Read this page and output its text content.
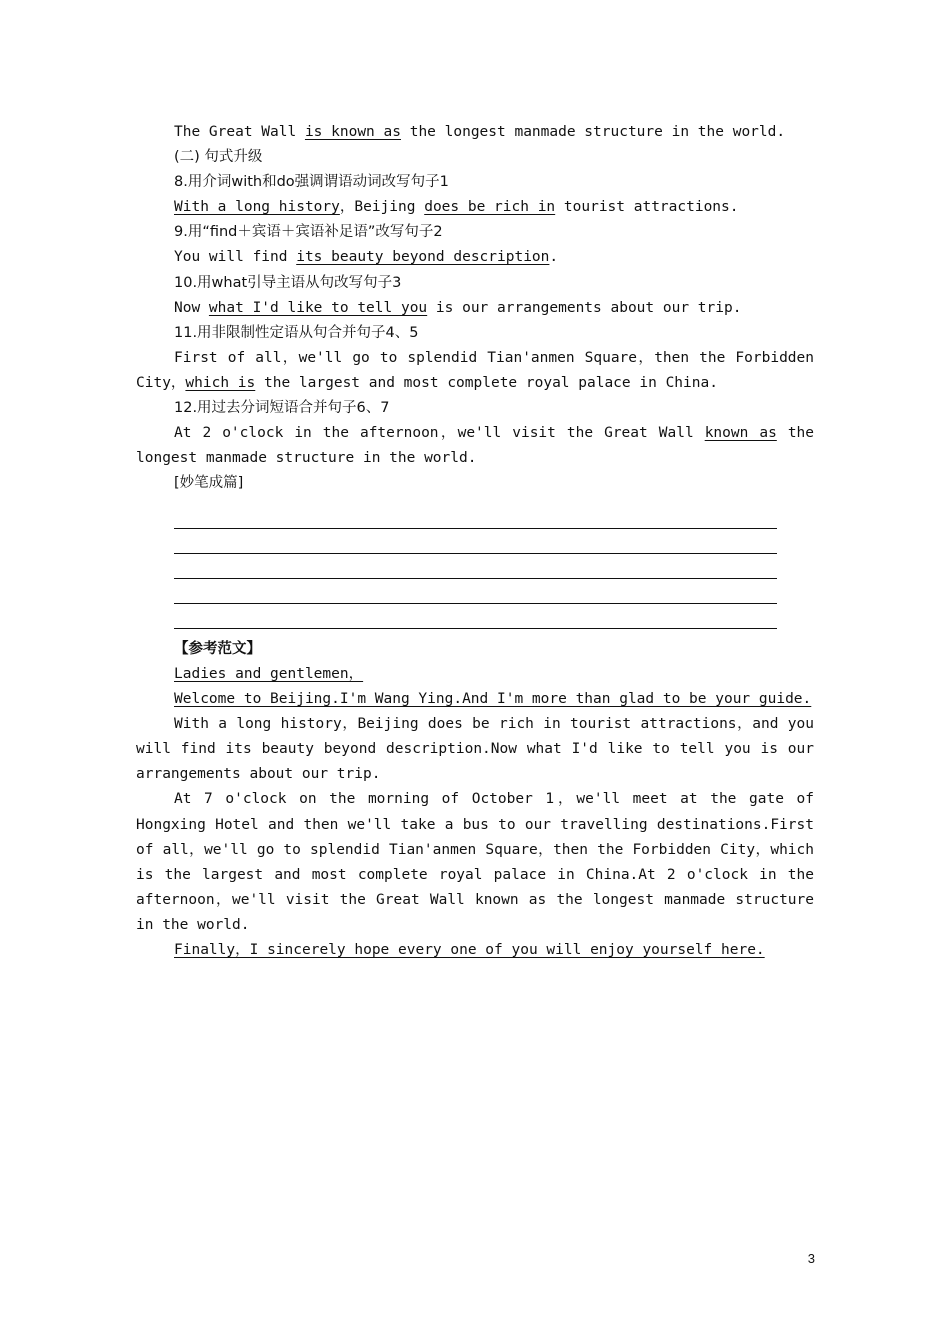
The Great Wall is known as the longest manmade structure in the world.

(二) 句式升级

8.用介词with和do强调谓语动词改写句子1

With a long history，Beijing does be rich in tourist attractions.

9.用“find＋宾语＋宾语补足语”改写句子2

You will find its beauty beyond description.

10.用what引导主语从句改写句子3

Now what I'd like to tell you is our arrangements about our trip.

11.用非限制性定语从句合并句子4、5

First of all，we'll go to splendid Tian'anmen Square，then the Forbidden

City，which is the largest and most complete royal palace in China.

12.用过去分词短语合并句子6、7

At 2 o'clock in the afternoon，we'll visit the Great Wall known as the

longest manmade structure in the world.

[妙笔成篇]

【参考范文】

Ladies and gentlemen，

Welcome to Beijing.I'm Wang Ying.And I'm more than glad to be your guide.

With a long history，Beijing does be rich in tourist attractions，and you will find its beauty beyond description.Now what I'd like to tell you is our arrangements about our trip.

At 7 o'clock on the morning of October 1，we'll meet at the gate of Hongxing Hotel and then we'll take a bus to our travelling destinations.First of all，we'll go to splendid Tian'anmen Square，then the Forbidden City，which is the largest and most complete royal palace in China.At 2 o'clock in the afternoon，we'll visit the Great Wall known as the longest manmade structure in the world.

Finally，I sincerely hope every one of you will enjoy yourself here.

3
